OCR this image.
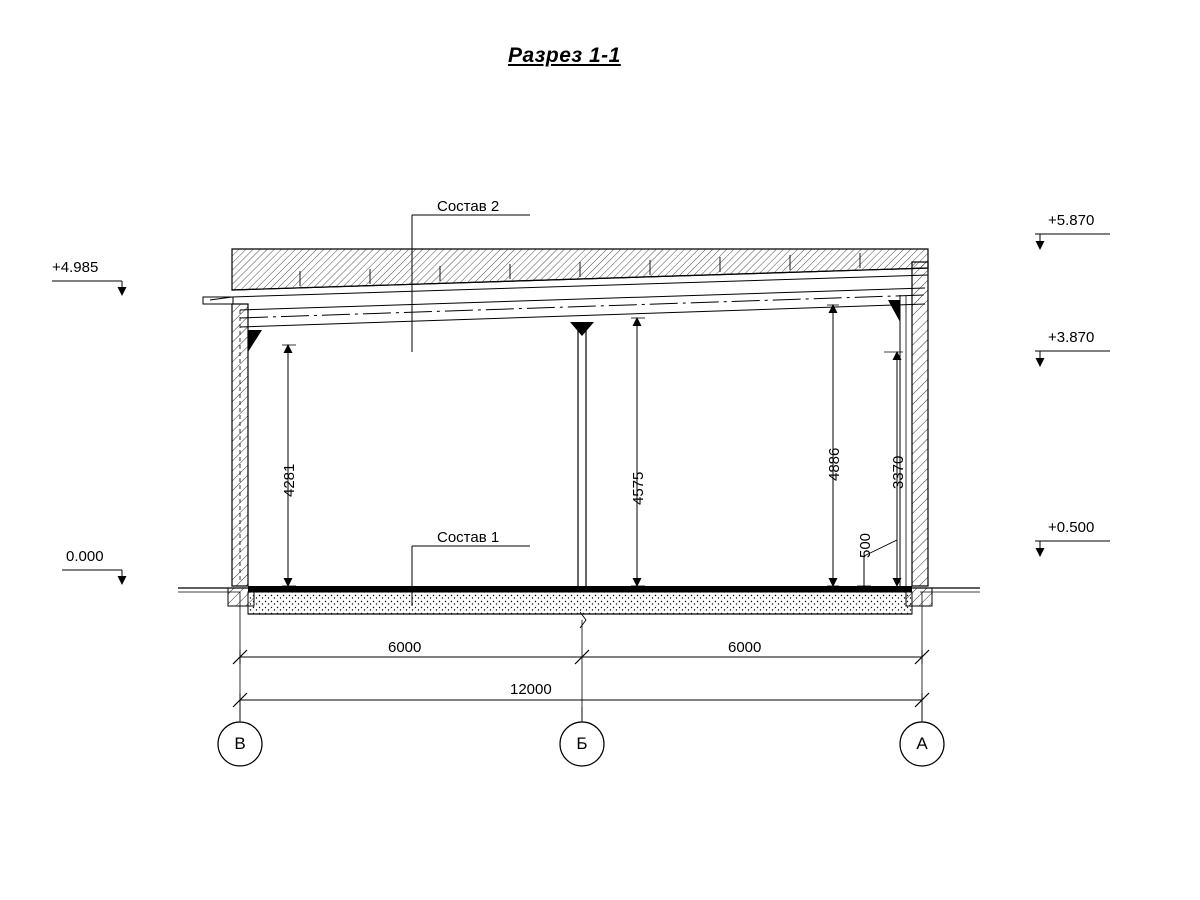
Разрез 1-1
Состав 2
Состав 1
+4.985
0.000
+5.870
+3.870
+0.500
4281	4575
4886	3370
500
6000	6000
12000
В	Б	А
